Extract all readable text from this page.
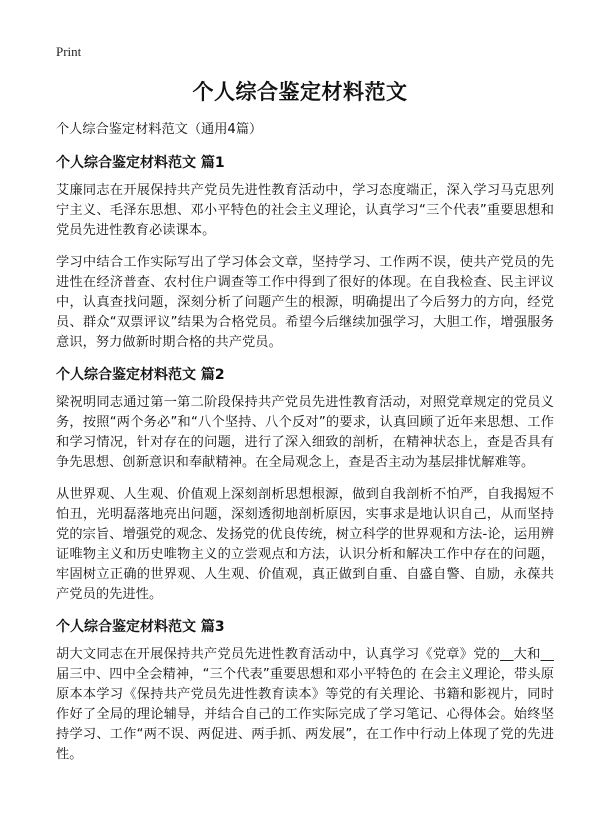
Print
个人综合鉴定材料范文
个人综合鉴定材料范文（通用4篇）
个人综合鉴定材料范文 篇1

艾廉同志在开展保持共产党员先进性教育活动中，学习态度端正，深入学习马克思列宁主义、毛泽东思想、邓小平特色的社会主义理论，认真学习“三个代表”重要思想和党员先进性教育必读课本。

学习中结合工作实际写出了学习体会文章，坚持学习、工作两不误，使共产党员的先进性在经济普查、农村住户调查等工作中得到了很好的体现。在自我检查、民主评议中，认真查找问题，深刻分析了问题产生的根源，明确提出了今后努力的方向，经党员、群众“双票评议”结果为合格党员。希望今后继续加强学习，大胆工作，增强服务意识，努力做新时期合格的共产党员。

个人综合鉴定材料范文 篇2

梁祝明同志通过第一第二阶段保持共产党员先进性教育活动，对照党章规定的党员义务，按照“两个务必”和“八个坚持、八个反对”的要求，认真回顾了近年来思想、工作和学习情况，针对存在的问题，进行了深入细致的剖析，在精神状态上，查是否具有争先思想、创新意识和奉献精神。在全局观念上，查是否主动为基层排忧解难等。

从世界观、人生观、价值观上深刻剖析思想根源，做到自我剖析不怕严，自我揭短不怕丑，光明磊落地亮出问题，深刻透彻地剖析原因，实事求是地认识自己，从而坚持党的宗旨、增强党的观念、发扬党的优良传统，树立科学的世界观和方法-论，运用辨证唯物主义和历史唯物主义的立尝观点和方法，认识分析和解决工作中存在的问题，牢固树立正确的世界观、人生观、价值观，真正做到自重、自盛自警、自励，永葆共产党员的先进性。

个人综合鉴定材料范文 篇3

胡大文同志在开展保持共产党员先进性教育活动中，认真学习《党章》党的__大和__届三中、四中全会精神，“三个代表”重要思想和邓小平特色的 在会主义理论，带头原原本本学习《保持共产党员先进性教育读本》等党的有关理论、书籍和影视片，同时作好了全局的理论辅导，并结合自己的工作实际完成了学习笔记、心得体会。始终坚持学习、工作“两不误、两促进、两手抓、两发展”，在工作中行动上体现了党的先进性。
